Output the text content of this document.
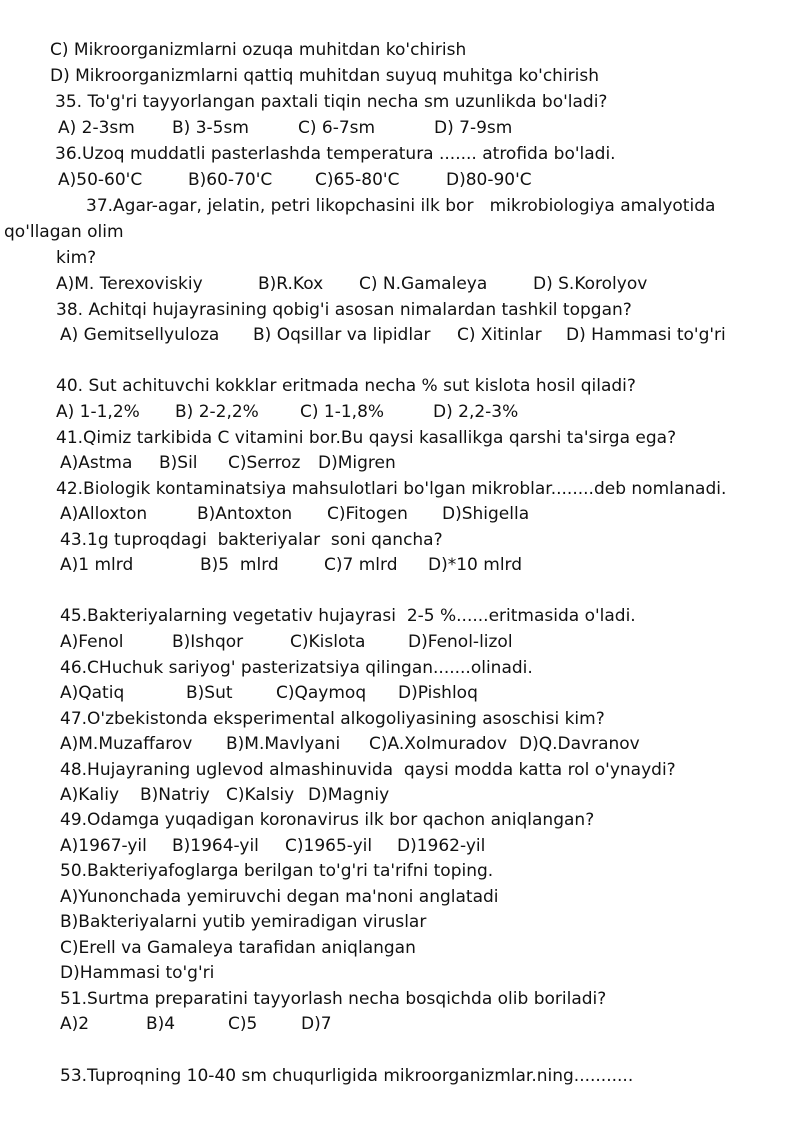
C) Mikroorganizmlarni ozuqa muhitdan ko'chirish
D) Mikroorganizmlarni qattiq muhitdan suyuq muhitga ko'chirish
35. To'g'ri tayyorlangan paxtali tiqin necha sm uzunlikda bo'ladi?
A) 2-3sm B) 3-5sm	C) 6-7sm	D) 7-9sm
36.Uzoq muddatli pasterlashda temperatura ....... atrofida bo'ladi.
A)50-60'C	B)60-70'C	C)65-80'C	D)80-90'C
37.Agar-agar, jelatin, petri likopchasini ilk bor   mikrobiologiya amalyotida
qo'llagan olim
kim?
A)M. Terexoviskiy	B)R.Kox C) N.Gamaleya	D) S.Korolyov
38. Achitqi hujayrasining qobig'i asosan nimalardan tashkil topgan?
A) Gemitsellyuloza B) Oqsillar va lipidlar C) Xitinlar D) Hammasi to'g'ri
40. Sut achituvchi kokklar eritmada necha % sut kislota hosil qiladi?
A) 1-1,2% B) 2-2,2% C) 1-1,8%	D) 2,2-3%
41.Qimiz tarkibida C vitamini bor.Bu qaysi kasallikga qarshi ta'sirga ega?
A)Astma B)Sil C)Serroz D)Migren
42.Biologik kontaminatsiya mahsulotlari bo'lgan mikroblar........deb nomlanadi.
A)Alloxton	B)Antoxton C)Fitogen D)Shigella
43.1g tuproqdagi  bakteriyalar  soni qancha?
A)1 mlrd	B)5  mlrd	C)7 mlrd D)*10 mlrd
45.Bakteriyalarning vegetativ hujayrasi  2-5 %......eritmasida o'ladi.
A)Fenol	B)Ishqor	C)Kislota	D)Fenol-lizol
46.CHuchuk sariyog' pasterizatsiya qilingan.......olinadi.
A)Qatiq	B)Sut	C)Qaymoq D)Pishloq
47.O'zbekistonda eksperimental alkogoliyasining asoschisi kim?
A)M.Muzaffarov B)M.Mavlyani C)A.Xolmuradov D)Q.Davranov
48.Hujayraning uglevod almashinuvida  qaysi modda katta rol o'ynaydi?
A)Kaliy B)Natriy C)Kalsiy D)Magniy
49.Odamga yuqadigan koronavirus ilk bor qachon aniqlangan?
A)1967-yil B)1964-yil C)1965-yil D)1962-yil
50.Bakteriyafoglarga berilgan to'g'ri ta'rifni toping.
A)Yunonchada yemiruvchi degan ma'noni anglatadi
B)Bakteriyalarni yutib yemiradigan viruslar
C)Erell va Gamaleya tarafidan aniqlangan
D)Hammasi to'g'ri
51.Surtma preparatini tayyorlash necha bosqichda olib boriladi?
A)2	B)4	C)5	D)7
53.Tuproqning 10-40 sm chuqurligida mikroorganizmlar.ning...........
